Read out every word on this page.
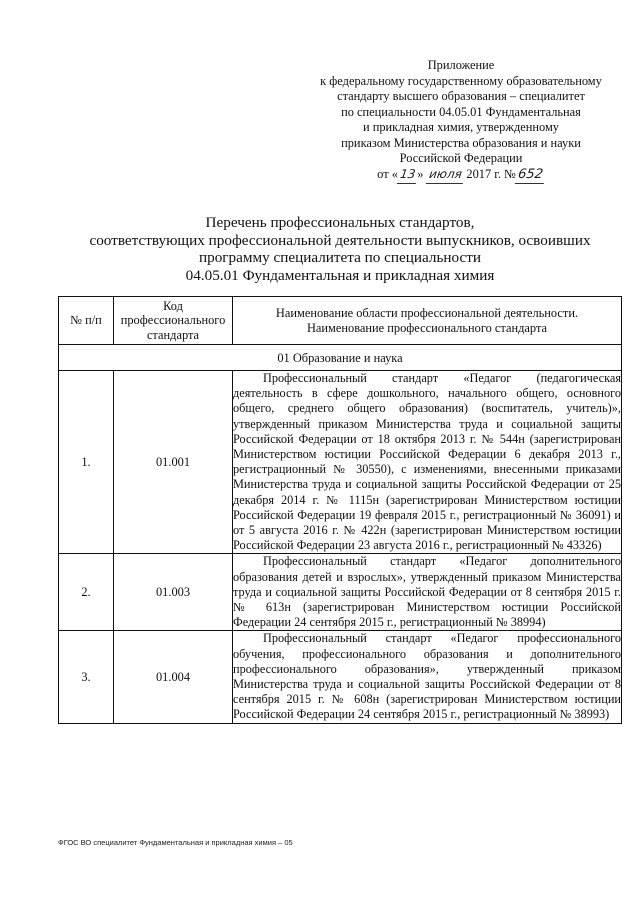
Приложение
к федеральному государственному образовательному
стандарту высшего образования – специалитет
по специальности 04.05.01 Фундаментальная
и прикладная химия, утвержденному
приказом Министерства образования и науки
Российской Федерации
от «13» июля 2017 г. №652
Перечень профессиональных стандартов,
соответствующих профессиональной деятельности выпускников, освоивших
программу специалитета по специальности
04.05.01 Фундаментальная и прикладная химия
№ п/п	Код профессионального стандарта	Наименование области профессиональной деятельности.
Наименование профессионального стандарта

01 Образование и наука		
1.	01.001	Профессиональный стандарт «Педагог (педагогическая деятельность в сфере дошкольного, начального общего, основного общего, среднего общего образования) (воспитатель, учитель)», утвержденный приказом Министерства труда и социальной защиты Российской Федерации от 18 октября 2013 г. № 544н (зарегистрирован Министерством юстиции Российской Федерации 6 декабря 2013 г., регистрационный № 30550), с изменениями, внесенными приказами Министерства труда и социальной защиты Российской Федерации от 25 декабря 2014 г. № 1115н (зарегистрирован Министерством юстиции Российской Федерации 19 февраля 2015 г., регистрационный № 36091) и от 5 августа 2016 г. № 422н (зарегистрирован Министерством юстиции Российской Федерации 23 августа 2016 г., регистрационный № 43326)

2.	01.003	Профессиональный стандарт «Педагог дополнительного образования детей и взрослых», утвержденный приказом Министерства труда и социальной защиты Российской Федерации от 8 сентября 2015 г. № 613н (зарегистрирован Министерством юстиции Российской Федерации 24 сентября 2015 г., регистрационный № 38994)

3.	01.004	Профессиональный стандарт «Педагог профессионального обучения, профессионального образования и дополнительного профессионального образования», утвержденный приказом Министерства труда и социальной защиты Российской Федерации от 8 сентября 2015 г. № 608н (зарегистрирован Министерством юстиции Российской Федерации 24 сентября 2015 г., регистрационный № 38993)
ФГОС ВО специалитет Фундаментальная и прикладная химия – 05
